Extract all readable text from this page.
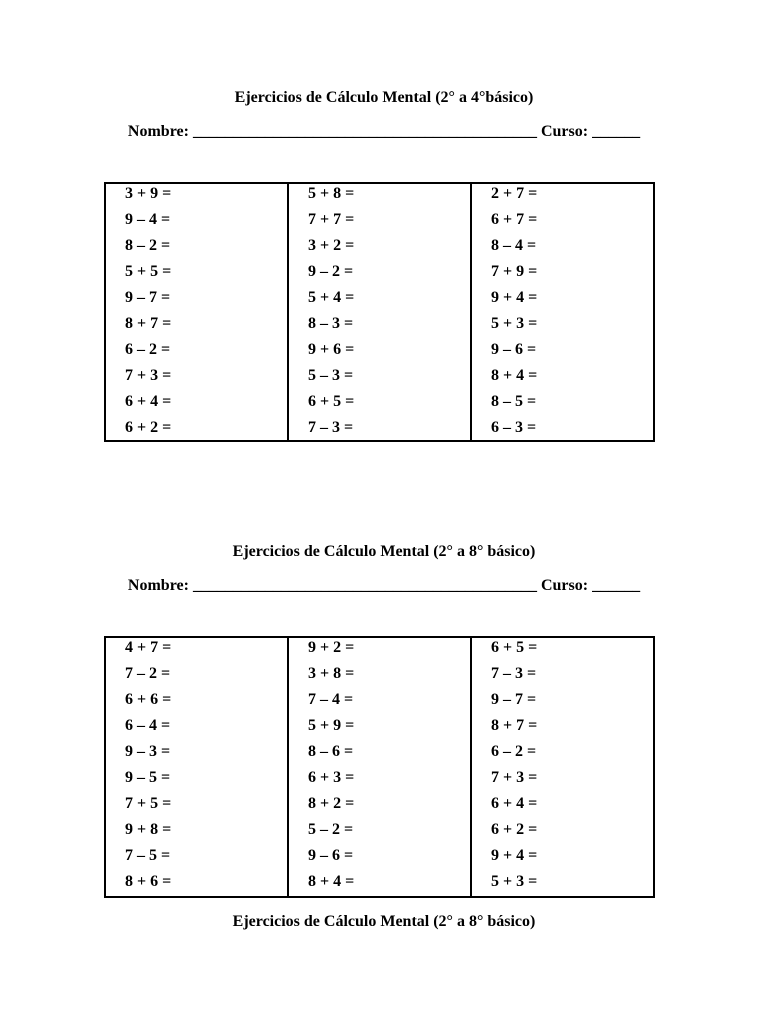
Ejercicios de Cálculo Mental (2° a 4°básico)
Nombre: ___________________________________________ Curso: ______
3 + 9 =
9 – 4 =
8 – 2 =
5 + 5 =
9 – 7 =
8 + 7 =
6 – 2 =
7 + 3 =
6 + 4 =
6 + 2 =
5 + 8 =
7 + 7 =
3 + 2 =
9 – 2 =
5 + 4 =
8 – 3 =
9 + 6 =
5 – 3 =
6 + 5 =
7 – 3 =
2 + 7 =
6 + 7 =
8 – 4 =
7 + 9 =
9 + 4 =
5 + 3 =
9 – 6 =
8 + 4 =
8 – 5 =
6 – 3 =
Ejercicios de Cálculo Mental (2° a 8° básico)
Nombre: ___________________________________________ Curso: ______
4 + 7 =
7 – 2 =
6 + 6 =
6 – 4 =
9 – 3 =
9 – 5 =
7 + 5 =
9 + 8 =
7 – 5 =
8 + 6 =
9 + 2 =
3 + 8 =
7 – 4 =
5 + 9 =
8 – 6 =
6 + 3 =
8 + 2 =
5 – 2 =
9 – 6 =
8 + 4 =
6 + 5 =
7 – 3 =
9 – 7 =
8 + 7 =
6 – 2 =
7 + 3 =
6 + 4 =
6 + 2 =
9 + 4 =
5 + 3 =
Ejercicios de Cálculo Mental (2° a 8° básico)
